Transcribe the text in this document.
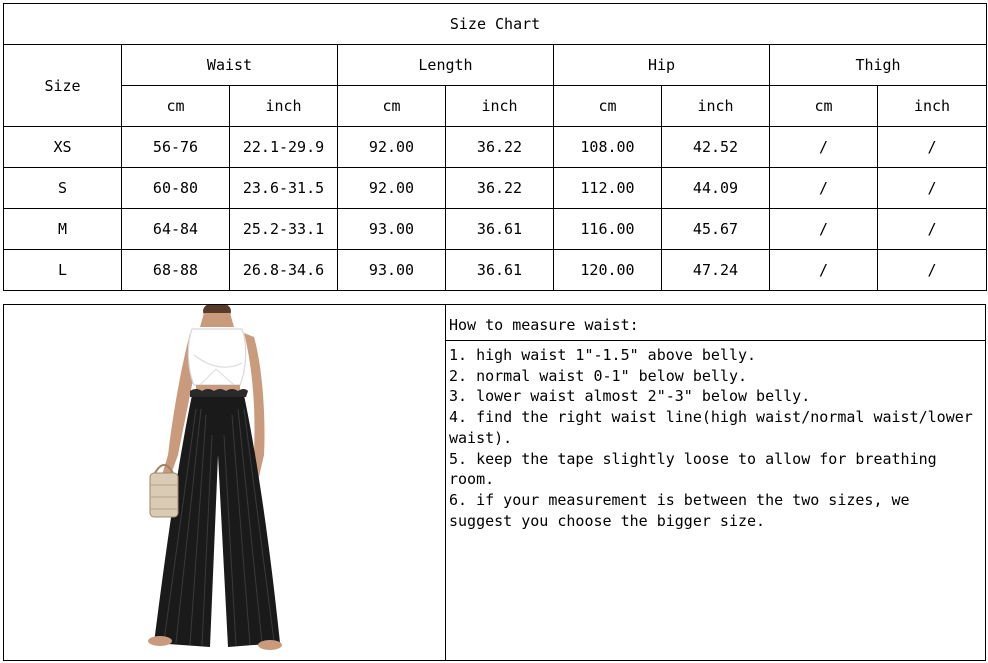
Size Chart								
Size	Waist		Length		Hip		Thigh	
	cm	inch	cm	inch	cm	inch	cm	inch
XS	56-76	22.1-29.9	92.00	36.22	108.00	42.52	/	/
S	60-80	23.6-31.5	92.00	36.22	112.00	44.09	/	/
M	64-84	25.2-33.1	93.00	36.61	116.00	45.67	/	/
L	68-88	26.8-34.6	93.00	36.61	120.00	47.24	/	/
How to measure waist:
1. high waist 1"-1.5" above belly.
2. normal waist 0-1" below belly.
3. lower waist almost 2"-3" below belly.
4. find the right waist line(high waist/normal waist/lower waist).
5. keep the tape slightly loose to allow for breathing room.
6. if your measurement is between the two sizes, we suggest you choose the bigger size.
